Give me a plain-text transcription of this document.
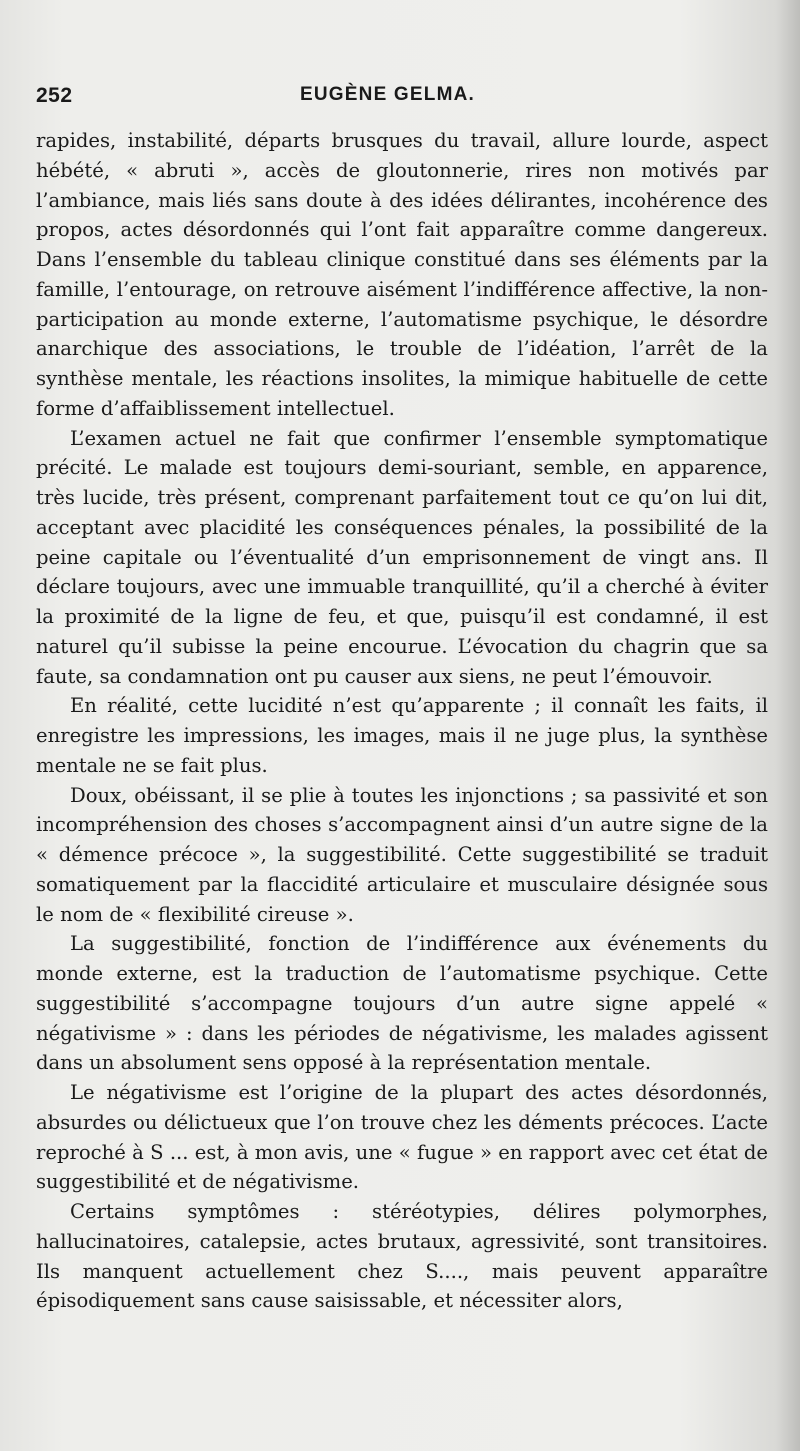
252	EUGÈNE GELMA.

rapides, instabilité, départs brusques du travail, allure lourde, aspect hébété, « abruti », accès de gloutonnerie, rires non motivés par l’ambiance, mais liés sans doute à des idées délirantes, incohérence des propos, actes désordonnés qui l’ont fait apparaître comme dangereux. Dans l’ensemble du tableau clinique constitué dans ses éléments par la famille, l’entourage, on retrouve aisément l’indifférence affective, la non-participation au monde externe, l’automatisme psychique, le désordre anarchique des associations, le trouble de l’idéation, l’arrêt de la synthèse mentale, les réactions insolites, la mimique habituelle de cette forme d’affaiblissement intellectuel.

L’examen actuel ne fait que confirmer l’ensemble symptomatique précité. Le malade est toujours demi-souriant, semble, en apparence, très lucide, très présent, comprenant parfaitement tout ce qu’on lui dit, acceptant avec placidité les conséquences pénales, la possibilité de la peine capitale ou l’éventualité d’un emprisonnement de vingt ans. Il déclare toujours, avec une immuable tranquillité, qu’il a cherché à éviter la proximité de la ligne de feu, et que, puisqu’il est condamné, il est naturel qu’il subisse la peine encourue. L’évocation du chagrin que sa faute, sa condamnation ont pu causer aux siens, ne peut l’émouvoir.

En réalité, cette lucidité n’est qu’apparente ; il connaît les faits, il enregistre les impressions, les images, mais il ne juge plus, la synthèse mentale ne se fait plus.

Doux, obéissant, il se plie à toutes les injonctions ; sa passivité et son incompréhension des choses s’accompagnent ainsi d’un autre signe de la « démence précoce », la suggestibilité. Cette suggestibilité se traduit somatiquement par la flaccidité articulaire et musculaire désignée sous le nom de « flexibilité cireuse ».

La suggestibilité, fonction de l’indifférence aux événements du monde externe, est la traduction de l’automatisme psychique. Cette suggestibilité s’accompagne toujours d’un autre signe appelé « négativisme » : dans les périodes de négativisme, les malades agissent dans un absolument sens opposé à la représentation mentale.

Le négativisme est l’origine de la plupart des actes désordonnés, absurdes ou délictueux que l’on trouve chez les déments précoces. L’acte reproché à S ... est, à mon avis, une « fugue » en rapport avec cet état de suggestibilité et de négativisme.

Certains symptômes : stéréotypies, délires polymorphes, hallucinatoires, catalepsie, actes brutaux, agressivité, sont transitoires. Ils manquent actuellement chez S...., mais peuvent apparaître épisodiquement sans cause saisissable, et nécessiter alors,
